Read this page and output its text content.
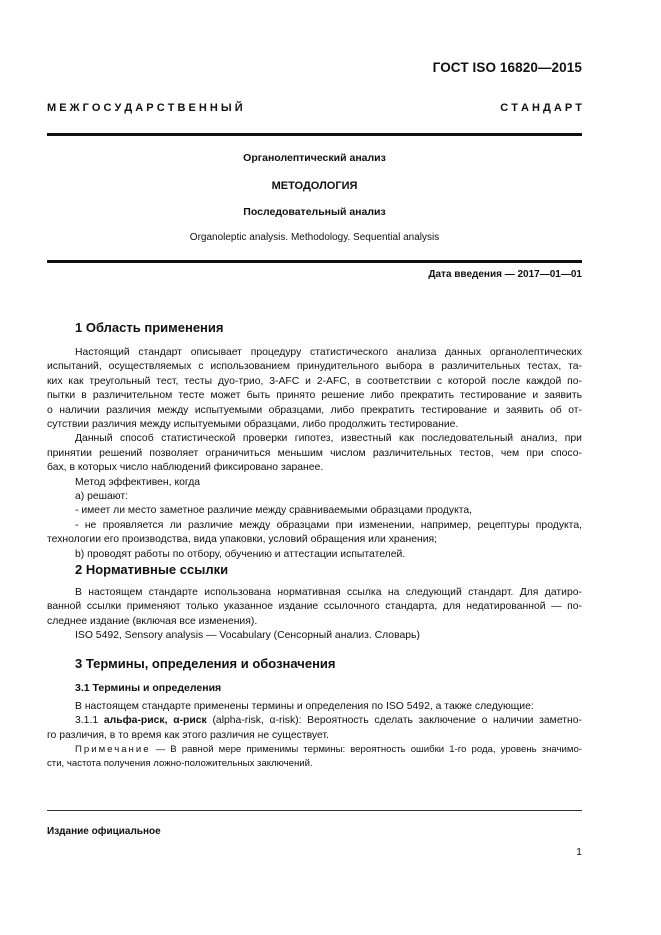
ГОСТ ISO 16820—2015
М Е Ж Г О С У Д А Р С Т В Е Н Н Ы Й	С Т А Н Д А Р Т
Органолептический анализ
МЕТОДОЛОГИЯ
Последовательный анализ
Organoleptic analysis. Methodology. Sequential analysis
Дата введения — 2017—01—01
1 Область применения
Настоящий стандарт описывает процедуру статистического анализа данных органолептических
испытаний, осуществляемых с использованием принудительного выбора в различительных тестах, та-
ких как треугольный тест, тесты дуо-трио, 3-AFC и 2-AFC, в соответствии с которой после каждой по-
пытки в различительном тесте может быть принято решение либо прекратить тестирование и заявить
о наличии различия между испытуемыми образцами, либо прекратить тестирование и заявить об от-
сутствии различия между испытуемыми образцами, либо продолжить тестирование.
Данный способ статистической проверки гипотез, известный как последовательный анализ, при
принятии решений позволяет ограничиться меньшим числом различительных тестов, чем при спосо-
бах, в которых число наблюдений фиксировано заранее.
Метод эффективен, когда
а) решают:
- имеет ли место заметное различие между сравниваемыми образцами продукта,
- не проявляется ли различие между образцами при изменении, например, рецептуры продукта,
технологии его производства, вида упаковки, условий обращения или хранения;
b) проводят работы по отбору, обучению и аттестации испытателей.
2 Нормативные ссылки
В настоящем стандарте использована нормативная ссылка на следующий стандарт. Для датиро-
ванной ссылки применяют только указанное издание ссылочного стандарта, для недатированной — по-
следнее издание (включая все изменения).
ISO 5492, Sensory analysis — Vocabulary (Сенсорный анализ. Словарь)
3 Термины, определения и обозначения
3.1 Термины и определения
В настоящем стандарте применены термины и определения по ISO 5492, а также следующие:
3.1.1 альфа-риск, α-риск (alpha-risk, α-risk): Вероятность сделать заключение о наличии заметно-
го различия, в то время как этого различия не существует.
Примечание — В равной мере применимы термины: вероятность ошибки 1-го рода, уровень значимо-
сти, частота получения ложно-положительных заключений.
Издание официальное
1
